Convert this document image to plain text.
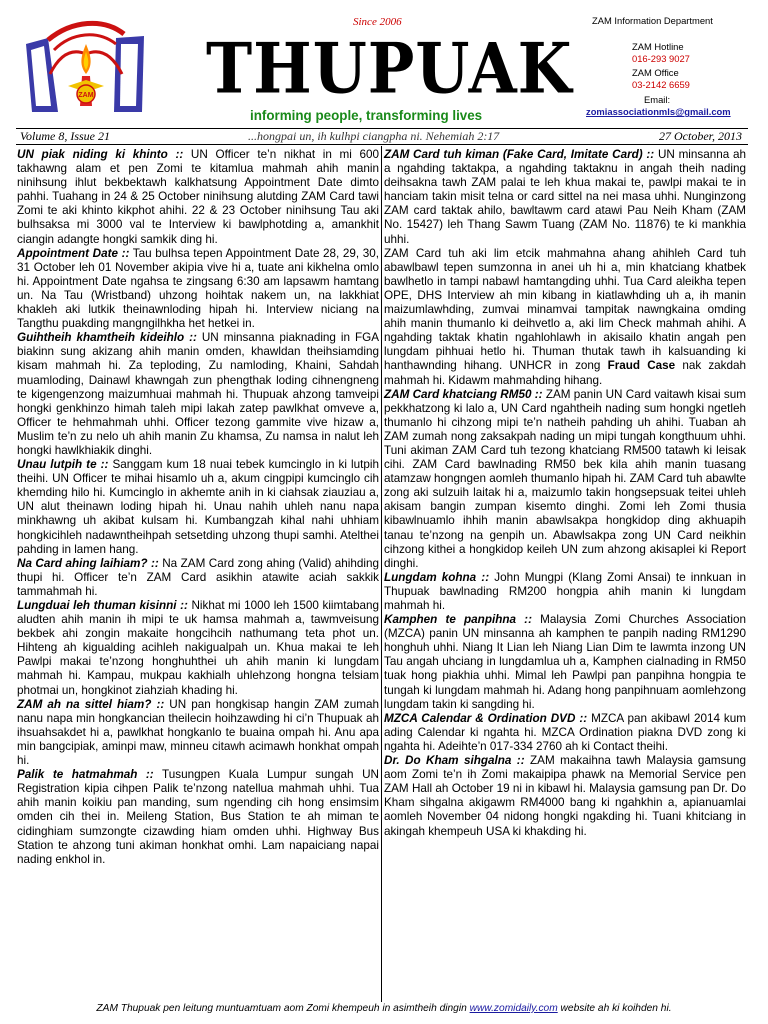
ZAM
Since 2006
THUPUAK
informing people, transforming lives
ZAM Information Department
ZAM Hotline
016-293 9027
ZAM Office
03-2142 6659
Email:
zomiassociationmls@gmail.com
Volume 8, Issue 21	...hongpai un, ih kulhpi ciangpha ni. Nehemiah 2:17	27 October, 2013

UN piak niding ki khinto :: UN Officer te’n nikhat in mi 600 takhawng alam et pen Zomi te kitamlua mahmah ahih manin ninihsung ihlut bekbektawh kalkhatsung Appointment Date dimto pahhi. Tuahang in 24 & 25 October ninihsung alutding ZAM Card tawi Zomi te aki khinto kikphot ahihi. 22 & 23 October ninihsung Tau aki bulhsaksa mi 3000 val te Interview ki bawlphotding a, amankhit ciangin adangte hongki samkik ding hi.

Appointment Date :: Tau bulhsa tepen Appointment Date 28, 29, 30, 31 October leh 01 November akipia vive hi a, tuate ani kikhelna omlo hi. Appointment Date ngahsa te zingsang 6:30 am lapsawm hamtang un. Na Tau (Wristband) uhzong hoihtak nakem un, na lakkhiat khakleh aki lutkik theinawnloding hipah hi. Interview niciang na Tangthu puakding mangngilhkha het hetkei in.

Guihtheih khamtheih kideihlo :: UN minsanna piaknading in FGA biakinn sung akizang ahih manin omden, khawldan theihsiamding kisam mahmah hi. Za teploding, Zu namloding, Khaini, Sahdah muamloding, Dainawl khawngah zun phengthak loding cihnengneng te kigengenzong maizumhuai mahmah hi. Thupuak ahzong tamveipi hongki genkhinzo himah taleh mipi lakah zatep pawlkhat omveve a, Officer te hehmahmah uhhi. Officer tezong gammite vive hizaw a, Muslim te’n zu nelo uh ahih manin Zu khamsa, Zu namsa in nalut leh hongki hawlkhiakik dinghi.

Unau lutpih te :: Sanggam kum 18 nuai tebek kumcinglo in ki lutpih theihi. UN Officer te mihai hisamlo uh a, akum cingpipi kumcinglo cih khemding hilo hi. Kumcinglo in akhemte anih in ki ciahsak ziauziau a, UN alut theinawn loding hipah hi. Unau nahih uhleh nanu napa minkhawng uh akibat kulsam hi. Kumbangzah kihal nahi uhhiam hongkicihleh nadawntheihpah setsetding uhzong thupi samhi. Atelthei pahding in lamen hang.

Na Card ahing laihiam? :: Na ZAM Card zong ahing (Valid) ahihding thupi hi. Officer te’n ZAM Card asikhin atawite aciah sakkik tammahmah hi.

Lungduai leh thuman kisinni :: Nikhat mi 1000 leh 1500 kiimtabang aludten ahih manin ih mipi te uk hamsa mahmah a, tawmveisung bekbek ahi zongin makaite hongcihcih nathumang teta phot un. Hihteng ah kigualding acihleh nakigualpah un. Khua makai te leh Pawlpi makai te’nzong honghuhthei uh ahih manin ki lungdam mahmah hi. Kampau, mukpau kakhialh uhlehzong hongna telsiam photmai un, hongkinot ziahziah khading hi.

ZAM ah na sittel hiam? :: UN pan hongkisap hangin ZAM zumah nanu napa min hongkancian theilecin hoihzawding hi ci’n Thupuak ah ihsuahsakdet hi a, pawlkhat hongkanlo te buaina ompah hi. Anu apa min bangcipiak, aminpi maw, minneu citawh acimawh honkhat ompah hi.

Palik te hatmahmah :: Tusungpen Kuala Lumpur sungah UN Registration kipia cihpen Palik te’nzong natellua mahmah uhhi. Tua ahih manin koikiu pan manding, sum ngending cih hong ensimsim omden cih thei in. Meileng Station, Bus Station te ah miman te cidinghiam sumzongte cizawding hiam omden uhhi. Highway Bus Station te ahzong tuni akiman honkhat omhi. Lam napaiciang napai nading enkhol in.

ZAM Card tuh kiman (Fake Card, Imitate Card) :: UN minsanna ah a ngahding taktakpa, a ngahding taktaknu in angah theih nading deihsakna tawh ZAM palai te leh khua makai te, pawlpi makai te in hanciam takin misit telna or card sittel na nei masa uhhi. Nunginzong ZAM card taktak ahilo, bawltawm card atawi Pau Neih Kham (ZAM No. 15427) leh Thang Sawm Tuang (ZAM No. 11876) te ki mankhia uhhi.

ZAM Card tuh aki lim etcik mahmahna ahang ahihleh Card tuh abawlbawl tepen sumzonna in anei uh hi a, min khatciang khatbek bawlhetlo in tampi nabawl hamtangding uhhi. Tua Card aleikha tepen OPE, DHS Interview ah min kibang in kiatlawhding uh a, ih manin maizumlawhding, zumvai minamvai tampitak nawngkaina omding ahih manin thumanlo ki deihvetlo a, aki lim Check mahmah ahihi. A ngahding taktak khatin ngahlohlawh in akisailo khatin angah pen lungdam pihhuai hetlo hi. Thuman thutak tawh ih kalsuanding ki hanthawnding hihang. UNHCR in zong Fraud Case nak zakdah mahmah hi. Kidawm mahmahding hihang.

ZAM Card khatciang RM50 :: ZAM panin UN Card vaitawh kisai sum pekkhatzong ki lalo a, UN Card ngahtheih nading sum hongki ngetleh thumanlo hi cihzong mipi te’n natheih pahding uh ahihi. Tuaban ah ZAM zumah nong zaksakpah nading un mipi tungah kongthuum uhhi. Tuni akiman ZAM Card tuh tezong khatciang RM500 tatawh ki leisak cihi. ZAM Card bawlnading RM50 bek kila ahih manin tuasang atamzaw hongngen aomleh thumanlo hipah hi. ZAM Card tuh abawlte zong aki sulzuih laitak hi a, maizumlo takin hongsepsuak teitei uhleh akisam bangin zumpan kisemto dinghi. Zomi leh Zomi thusia kibawlnuamlo ihhih manin abawlsakpa hongkidop ding akhuapih tanau te’nzong na genpih un. Abawlsakpa zong UN Card neikhin cihzong kithei a hongkidop keileh UN zum ahzong akisaplei ki Report dinghi.

Lungdam kohna :: John Mungpi (Klang Zomi Ansai) te innkuan in Thupuak bawlnading RM200 hongpia ahih manin ki lungdam mahmah hi.

Kamphen te panpihna :: Malaysia Zomi Churches Association (MZCA) panin UN minsanna ah kamphen te panpih nading RM1290 honghuh uhhi. Niang It Lian leh Niang Lian Dim te lawmta inzong UN Tau angah uhciang in lungdamlua uh a, Kamphen cialnading in RM50 tuak hong piakhia uhhi. Mimal leh Pawlpi pan panpihna hongpia te tungah ki lungdam mahmah hi. Adang hong panpihnuam aomlehzong lungdam takin ki sangding hi.

MZCA Calendar & Ordination DVD :: MZCA pan akibawl 2014 kum ading Calendar ki ngahta hi. MZCA Ordination piakna DVD zong ki ngahta hi. Adeihte’n 017-334 2760 ah ki Contact theihi.

Dr. Do Kham sihgalna :: ZAM makaihna tawh Malaysia gamsung aom Zomi te’n ih Zomi makaipipa phawk na Memorial Service pen ZAM Hall ah October 19 ni in kibawl hi. Malaysia gamsung pan Dr. Do Kham sihgalna akigawm RM4000 bang ki ngahkhin a, apianuamlai aomleh November 04 nidong hongki ngakding hi. Tuani khitciang in akingah khempeuh USA ki khakding hi.

ZAM Thupuak pen leitung muntuamtuam aom Zomi khempeuh in asimtheih dingin www.zomidaily.com website ah ki koihden hi.
